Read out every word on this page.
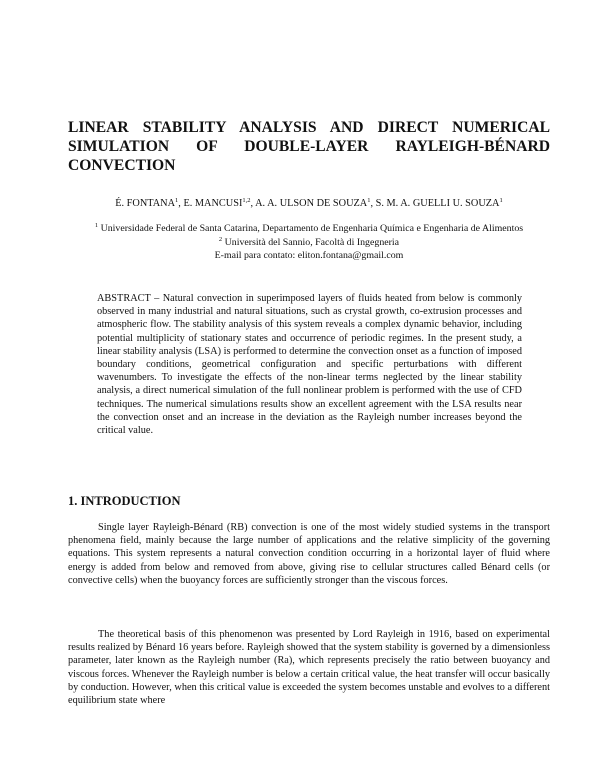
LINEAR STABILITY ANALYSIS AND DIRECT NUMERICAL SIMULATION OF DOUBLE-LAYER RAYLEIGH-BÉNARD CONVECTION
É. FONTANA$^1$, E. MANCUSI$^{1,2}$, A. A. ULSON DE SOUZA$^1$, S. M. A. GUELLI U. SOUZA$^1$

$^1$ Universidade Federal de Santa Catarina, Departamento de Engenharia Química e Engenharia de Alimentos

$^2$ Università del Sannio, Facoltà di Ingegneria

E-mail para contato: eliton.fontana@gmail.com

ABSTRACT – Natural convection in superimposed layers of fluids heated from below is commonly observed in many industrial and natural situations, such as crystal growth, co-extrusion processes and atmospheric flow. The stability analysis of this system reveals a complex dynamic behavior, including potential multiplicity of stationary states and occurrence of periodic regimes. In the present study, a linear stability analysis (LSA) is performed to determine the convection onset as a function of imposed boundary conditions, geometrical configuration and specific perturbations with different wavenumbers. To investigate the effects of the non-linear terms neglected by the linear stability analysis, a direct numerical simulation of the full nonlinear problem is performed with the use of CFD techniques. The numerical simulations results show an excellent agreement with the LSA results near the convection onset and an increase in the deviation as the Rayleigh number increases beyond the critical value.

1. INTRODUCTION

Single layer Rayleigh-Bénard (RB) convection is one of the most widely studied systems in the transport phenomena field, mainly because the large number of applications and the relative simplicity of the governing equations. This system represents a natural convection condition occurring in a horizontal layer of fluid where energy is added from below and removed from above, giving rise to cellular structures called Bénard cells (or convective cells) when the buoyancy forces are sufficiently stronger than the viscous forces.

The theoretical basis of this phenomenon was presented by Lord Rayleigh in 1916, based on experimental results realized by Bénard 16 years before. Rayleigh showed that the system stability is governed by a dimensionless parameter, later known as the Rayleigh number (Ra), which represents precisely the ratio between buoyancy and viscous forces. Whenever the Rayleigh number is below a certain critical value, the heat transfer will occur basically by conduction. However, when this critical value is exceeded the system becomes unstable and evolves to a different equilibrium state where
